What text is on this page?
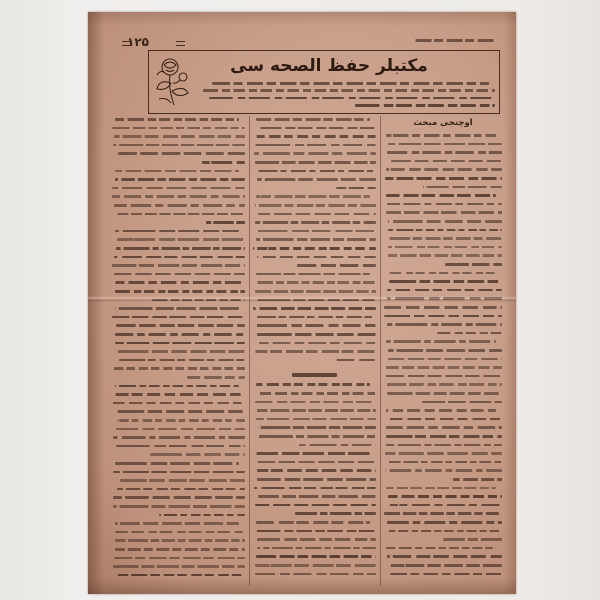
۱۲۵
مکتبلر حفظ الصحه سی
اوچنجی مبحث
